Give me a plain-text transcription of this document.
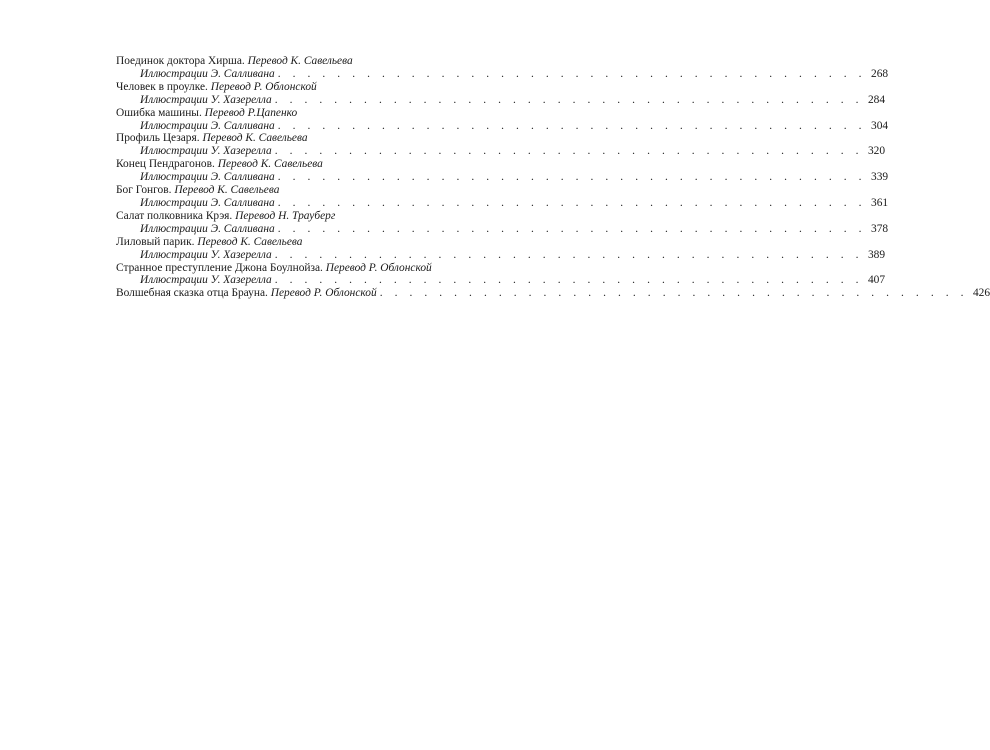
Поединок доктора Хирша. Перевод К. Савельева
Иллюстрации Э. Салливана . . . . . . . . . . . . . . . . . . . . . . . . . . . . . . . . . . . . . . . . 268
Человек в проулке. Перевод Р. Облонской
Иллюстрации У. Хазерелла . . . . . . . . . . . . . . . . . . . . . . . . . . . . . . . . . . . . . . . . 284
Ошибка машины. Перевод Р.Цапенко
Иллюстрации Э. Салливана . . . . . . . . . . . . . . . . . . . . . . . . . . . . . . . . . . . . . . . . 304
Профиль Цезаря. Перевод К. Савельева
Иллюстрации У. Хазерелла . . . . . . . . . . . . . . . . . . . . . . . . . . . . . . . . . . . . . . . . 320
Конец Пендрагонов. Перевод К. Савельева
Иллюстрации Э. Салливана . . . . . . . . . . . . . . . . . . . . . . . . . . . . . . . . . . . . . . . . 339
Бог Гонгов. Перевод К. Савельева
Иллюстрации Э. Салливана . . . . . . . . . . . . . . . . . . . . . . . . . . . . . . . . . . . . . . . . 361
Салат полковника Крэя. Перевод Н. Трауберг
Иллюстрации Э. Салливана . . . . . . . . . . . . . . . . . . . . . . . . . . . . . . . . . . . . . . . . 378
Лиловый парик. Перевод К. Савельева
Иллюстрации У. Хазерелла . . . . . . . . . . . . . . . . . . . . . . . . . . . . . . . . . . . . . . . . 389
Странное преступление Джона Боулнойза. Перевод Р. Облонской
Иллюстрации У. Хазерелла . . . . . . . . . . . . . . . . . . . . . . . . . . . . . . . . . . . . . . . . 407
Волшебная сказка отца Брауна.
Перевод Р. Облонской . . . . . . . . . . . . . . . . . . . . . . . . . . . . . . . . . . . . . . . . 426
